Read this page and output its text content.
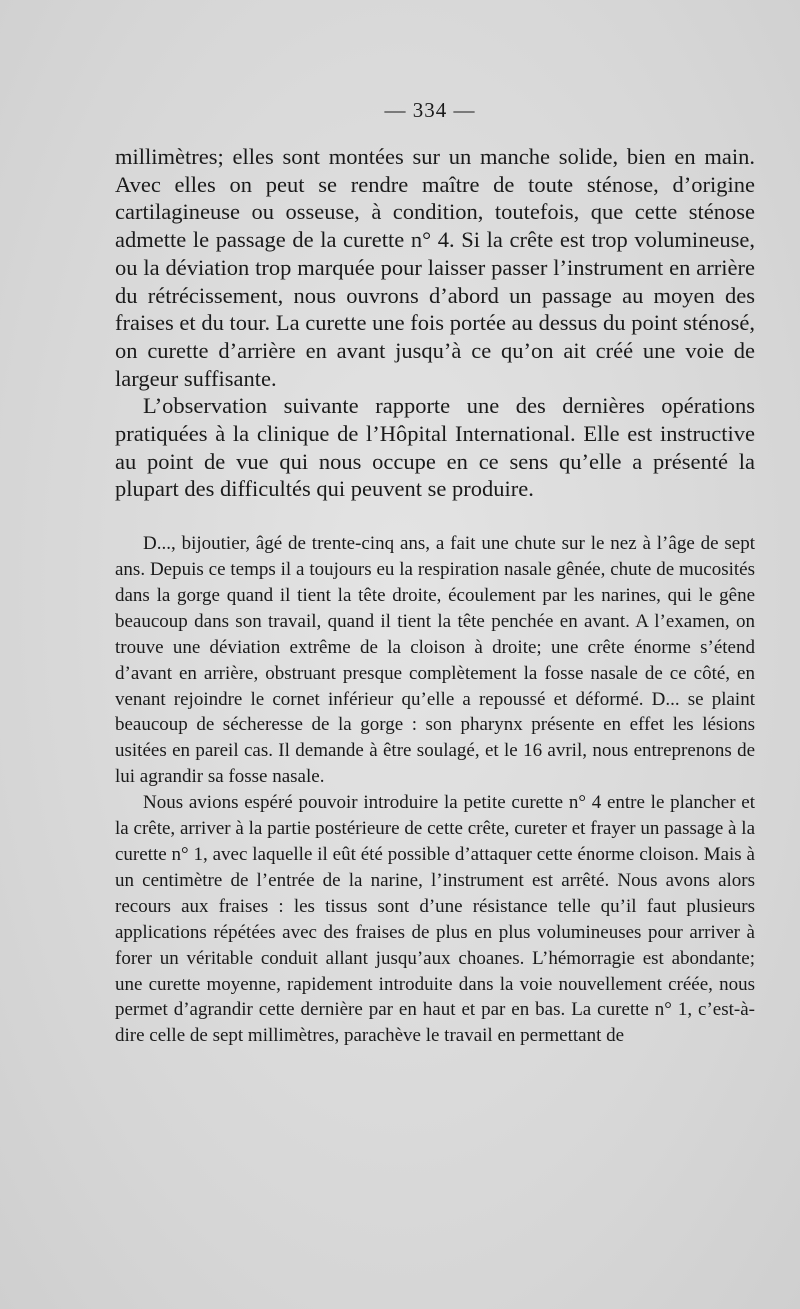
— 334 —

millimètres; elles sont montées sur un manche solide, bien en main. Avec elles on peut se rendre maître de toute sténose, d’origine cartilagineuse ou osseuse, à condition, toutefois, que cette sténose admette le passage de la curette n° 4. Si la crête est trop volumineuse, ou la déviation trop marquée pour laisser passer l’instrument en arrière du rétrécissement, nous ouvrons d’abord un passage au moyen des fraises et du tour. La curette une fois portée au dessus du point sténosé, on curette d’arrière en avant jusqu’à ce qu’on ait créé une voie de largeur suffisante.

L’observation suivante rapporte une des dernières opérations pratiquées à la clinique de l’Hôpital International. Elle est instructive au point de vue qui nous occupe en ce sens qu’elle a présenté la plupart des difficultés qui peuvent se produire.

D..., bijoutier, âgé de trente-cinq ans, a fait une chute sur le nez à l’âge de sept ans. Depuis ce temps il a toujours eu la respiration nasale gênée, chute de mucosités dans la gorge quand il tient la tête droite, écoulement par les narines, qui le gêne beaucoup dans son travail, quand il tient la tête penchée en avant. A l’examen, on trouve une déviation extrême de la cloison à droite; une crête énorme s’étend d’avant en arrière, obstruant presque complètement la fosse nasale de ce côté, en venant rejoindre le cornet inférieur qu’elle a repoussé et déformé. D... se plaint beaucoup de sécheresse de la gorge : son pharynx présente en effet les lésions usitées en pareil cas. Il demande à être soulagé, et le 16 avril, nous entreprenons de lui agrandir sa fosse nasale.

Nous avions espéré pouvoir introduire la petite curette n° 4 entre le plancher et la crête, arriver à la partie postérieure de cette crête, cureter et frayer un passage à la curette n° 1, avec laquelle il eût été possible d’attaquer cette énorme cloison. Mais à un centimètre de l’entrée de la narine, l’instrument est arrêté. Nous avons alors recours aux fraises : les tissus sont d’une résistance telle qu’il faut plusieurs applications répétées avec des fraises de plus en plus volumineuses pour arriver à forer un véritable conduit allant jusqu’aux choanes. L’hémorragie est abondante; une curette moyenne, rapidement introduite dans la voie nouvellement créée, nous permet d’agrandir cette dernière par en haut et par en bas. La curette n° 1, c’est-à-dire celle de sept millimètres, parachève le travail en permettant de
